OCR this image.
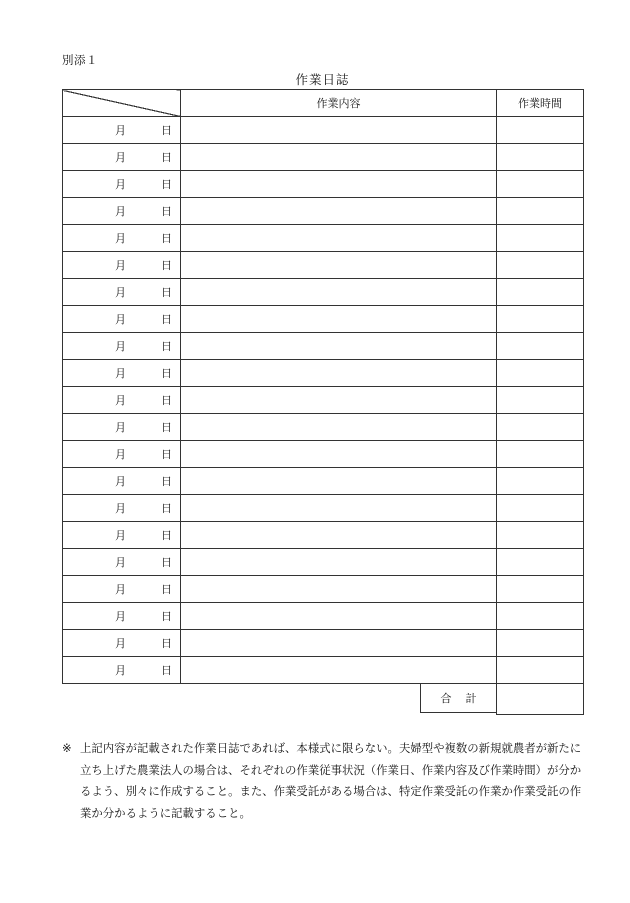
別添１
作業日誌
	作業内容	作業時間

月 日		

月 日		

月 日		

月 日		

月 日		

月 日		

月 日		

月 日		

月 日		

月 日		

月 日		

月 日		

月 日		

月 日		

月 日		

月 日		

月 日		

月 日		

月 日		

月 日		

月 日		

合計		

※ 上記内容が記載された作業日誌であれば、本様式に限らない。夫婦型や複数の新規就農者が新たに立ち上げた農業法人の場合は、それぞれの作業従事状況（作業日、作業内容及び作業時間）が分かるよう、別々に作成すること。また、作業受託がある場合は、特定作業受託の作業か作業受託の作業か分かるように記載すること。
